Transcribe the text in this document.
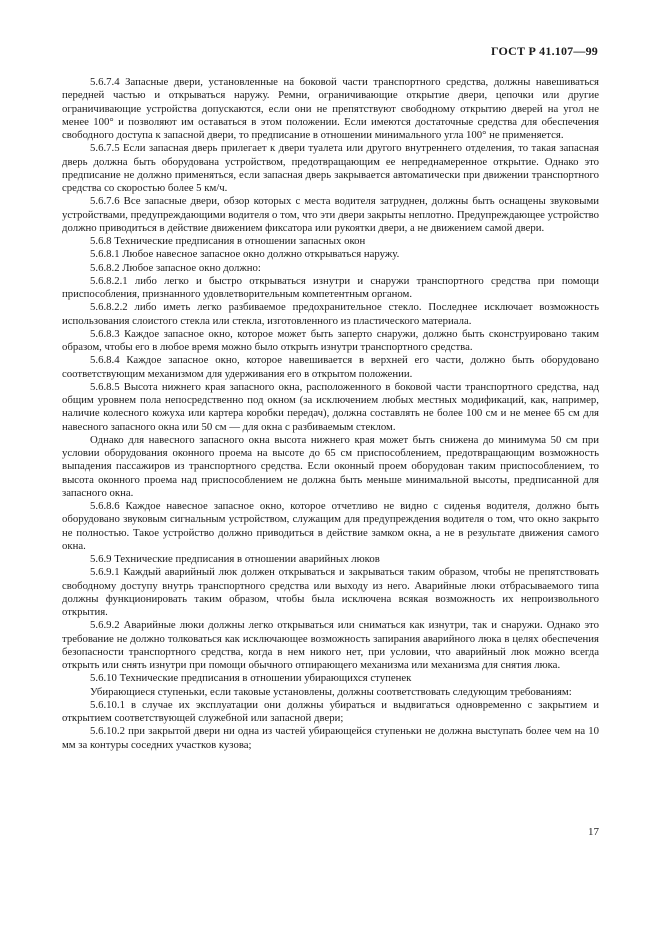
ГОСТ Р 41.107—99

5.6.7.4 Запасные двери, установленные на боковой части транспортного средства, должны навешиваться передней частью и открываться наружу. Ремни, ограничивающие открытие двери, цепочки или другие ограничивающие устройства допускаются, если они не препятствуют свободному открытию дверей на угол не менее 100° и позволяют им оставаться в этом положении. Если имеются достаточные средства для обеспечения свободного доступа к запасной двери, то предписание в отношении минимального угла 100° не применяется.

5.6.7.5 Если запасная дверь прилегает к двери туалета или другого внутреннего отделения, то такая запасная дверь должна быть оборудована устройством, предотвращающим ее непреднамеренное открытие. Однако это предписание не должно применяться, если запасная дверь закрывается автоматически при движении транспортного средства со скоростью более 5 км/ч.

5.6.7.6 Все запасные двери, обзор которых с места водителя затруднен, должны быть оснащены звуковыми устройствами, предупреждающими водителя о том, что эти двери закрыты неплотно. Предупреждающее устройство должно приводиться в действие движением фиксатора или рукоятки двери, а не движением самой двери.

5.6.8 Технические предписания в отношении запасных окон

5.6.8.1 Любое навесное запасное окно должно открываться наружу.

5.6.8.2 Любое запасное окно должно:

5.6.8.2.1 либо легко и быстро открываться изнутри и снаружи транспортного средства при помощи приспособления, признанного удовлетворительным компетентным органом.

5.6.8.2.2 либо иметь легко разбиваемое предохранительное стекло. Последнее исключает возможность использования слоистого стекла или стекла, изготовленного из пластического материала.

5.6.8.3 Каждое запасное окно, которое может быть заперто снаружи, должно быть сконструировано таким образом, чтобы его в любое время можно было открыть изнутри транспортного средства.

5.6.8.4 Каждое запасное окно, которое навешивается в верхней его части, должно быть оборудовано соответствующим механизмом для удерживания его в открытом положении.

5.6.8.5 Высота нижнего края запасного окна, расположенного в боковой части транспортного средства, над общим уровнем пола непосредственно под окном (за исключением любых местных модификаций, как, например, наличие колесного кожуха или картера коробки передач), должна составлять не более 100 см и не менее 65 см для навесного запасного окна или 50 см — для окна с разбиваемым стеклом.

Однако для навесного запасного окна высота нижнего края может быть снижена до минимума 50 см при условии оборудования оконного проема на высоте до 65 см приспособлением, предотвращающим возможность выпадения пассажиров из транспортного средства. Если оконный проем оборудован таким приспособлением, то высота оконного проема над приспособлением не должна быть меньше минимальной высоты, предписанной для запасного окна.

5.6.8.6 Каждое навесное запасное окно, которое отчетливо не видно с сиденья водителя, должно быть оборудовано звуковым сигнальным устройством, служащим для предупреждения водителя о том, что окно закрыто не полностью. Такое устройство должно приводиться в действие замком окна, а не в результате движения самого окна.

5.6.9 Технические предписания в отношении аварийных люков

5.6.9.1 Каждый аварийный люк должен открываться и закрываться таким образом, чтобы не препятствовать свободному доступу внутрь транспортного средства или выходу из него. Аварийные люки отбрасываемого типа должны функционировать таким образом, чтобы была исключена всякая возможность их непроизвольного открытия.

5.6.9.2 Аварийные люки должны легко открываться или сниматься как изнутри, так и снаружи. Однако это требование не должно толковаться как исключающее возможность запирания аварийного люка в целях обеспечения безопасности транспортного средства, когда в нем никого нет, при условии, что аварийный люк можно всегда открыть или снять изнутри при помощи обычного отпирающего механизма или механизма для снятия люка.

5.6.10 Технические предписания в отношении убирающихся ступенек

Убирающиеся ступеньки, если таковые установлены, должны соответствовать следующим требованиям:

5.6.10.1 в случае их эксплуатации они должны убираться и выдвигаться одновременно с закрытием и открытием соответствующей служебной или запасной двери;

5.6.10.2 при закрытой двери ни одна из частей убирающейся ступеньки не должна выступать более чем на 10 мм за контуры соседних участков кузова;

17
